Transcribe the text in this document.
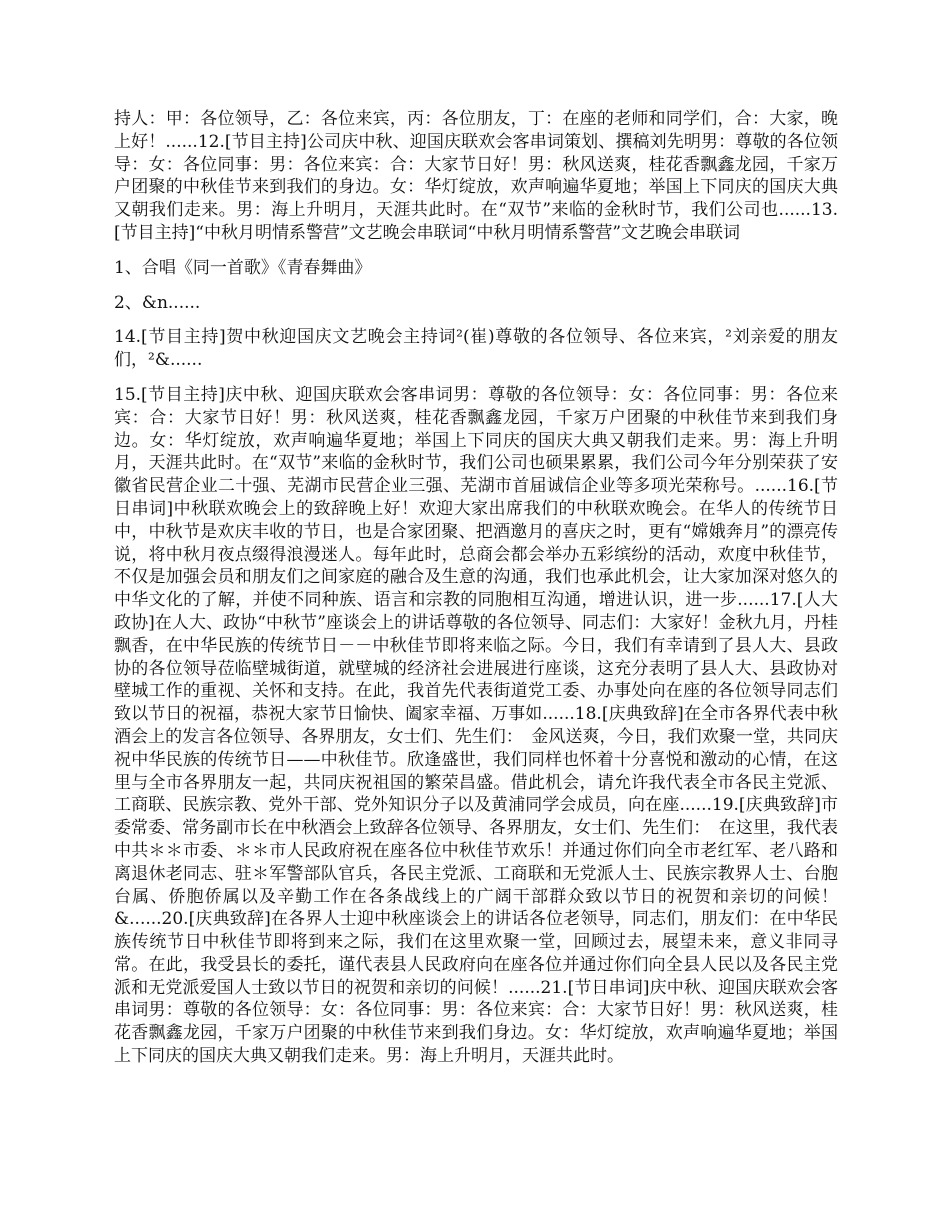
持人：甲：各位领导，乙：各位来宾，丙：各位朋友，丁：在座的老师和同学们，合：大家，晚上好！......12.[节目主持]公司庆中秋、迎国庆联欢会客串词策划、撰稿刘先明男：尊敬的各位领导：女：各位同事：男：各位来宾：合：大家节日好！男：秋风送爽，桂花香飘鑫龙园，千家万户团聚的中秋佳节来到我们的身边。女：华灯绽放，欢声响遍华夏地；举国上下同庆的国庆大典又朝我们走来。男：海上升明月，天涯共此时。在“双节”来临的金秋时节，我们公司也......13.[节目主持]“中秋月明情系警营”文艺晚会串联词“中秋月明情系警营”文艺晚会串联词

1、合唱《同一首歌》《青春舞曲》

2、&n......

14.[节目主持]贺中秋迎国庆文艺晚会主持词²(崔)尊敬的各位领导、各位来宾，²刘亲爱的朋友们，²&......

15.[节目主持]庆中秋、迎国庆联欢会客串词男：尊敬的各位领导：女：各位同事：男：各位来宾：合：大家节日好！男：秋风送爽，桂花香飘鑫龙园，千家万户团聚的中秋佳节来到我们身边。女：华灯绽放，欢声响遍华夏地；举国上下同庆的国庆大典又朝我们走来。男：海上升明月，天涯共此时。在“双节”来临的金秋时节，我们公司也硕果累累，我们公司今年分别荣获了安徽省民营企业二十强、芜湖市民营企业三强、芜湖市首届诚信企业等多项光荣称号。......16.[节日串词]中秋联欢晚会上的致辞晚上好！欢迎大家出席我们的中秋联欢晚会。在华人的传统节日中，中秋节是欢庆丰收的节日，也是合家团聚、把酒邀月的喜庆之时，更有“嫦娥奔月”的漂亮传说，将中秋月夜点缀得浪漫迷人。每年此时，总商会都会举办五彩缤纷的活动，欢度中秋佳节，不仅是加强会员和朋友们之间家庭的融合及生意的沟通，我们也承此机会，让大家加深对悠久的中华文化的了解，并使不同种族、语言和宗教的同胞相互沟通，增进认识，进一步......17.[人大政协]在人大、政协“中秋节”座谈会上的讲话尊敬的各位领导、同志们：大家好！金秋九月，丹桂飘香，在中华民族的传统节日－－中秋佳节即将来临之际。今日，我们有幸请到了县人大、县政协的各位领导莅临壁城街道，就壁城的经济社会进展进行座谈，这充分表明了县人大、县政协对壁城工作的重视、关怀和支持。在此，我首先代表街道党工委、办事处向在座的各位领导同志们致以节日的祝福，恭祝大家节日愉快、阖家幸福、万事如......18.[庆典致辞]在全市各界代表中秋酒会上的发言各位领导、各界朋友，女士们、先生们：　金风送爽，今日，我们欢聚一堂，共同庆祝中华民族的传统节日——中秋佳节。欣逢盛世，我们同样也怀着十分喜悦和激动的心情，在这里与全市各界朋友一起，共同庆祝祖国的繁荣昌盛。借此机会，请允许我代表全市各民主党派、工商联、民族宗教、党外干部、党外知识分子以及黄浦同学会成员，向在座......19.[庆典致辞]市委常委、常务副市长在中秋酒会上致辞各位领导、各界朋友，女士们、先生们：　在这里，我代表中共＊＊市委、＊＊市人民政府祝在座各位中秋佳节欢乐！并通过你们向全市老红军、老八路和离退休老同志、驻＊军警部队官兵，各民主党派、工商联和无党派人士、民族宗教界人士、台胞台属、侨胞侨属以及辛勤工作在各条战线上的广阔干部群众致以节日的祝贺和亲切的问候！　&......20.[庆典致辞]在各界人士迎中秋座谈会上的讲话各位老领导，同志们，朋友们：在中华民族传统节日中秋佳节即将到来之际，我们在这里欢聚一堂，回顾过去，展望未来，意义非同寻常。在此，我受县长的委托，谨代表县人民政府向在座各位并通过你们向全县人民以及各民主党派和无党派爱国人士致以节日的祝贺和亲切的问候！......21.[节日串词]庆中秋、迎国庆联欢会客串词男：尊敬的各位领导：女：各位同事：男：各位来宾：合：大家节日好！男：秋风送爽，桂花香飘鑫龙园，千家万户团聚的中秋佳节来到我们身边。女：华灯绽放，欢声响遍华夏地；举国上下同庆的国庆大典又朝我们走来。男：海上升明月，天涯共此时。
